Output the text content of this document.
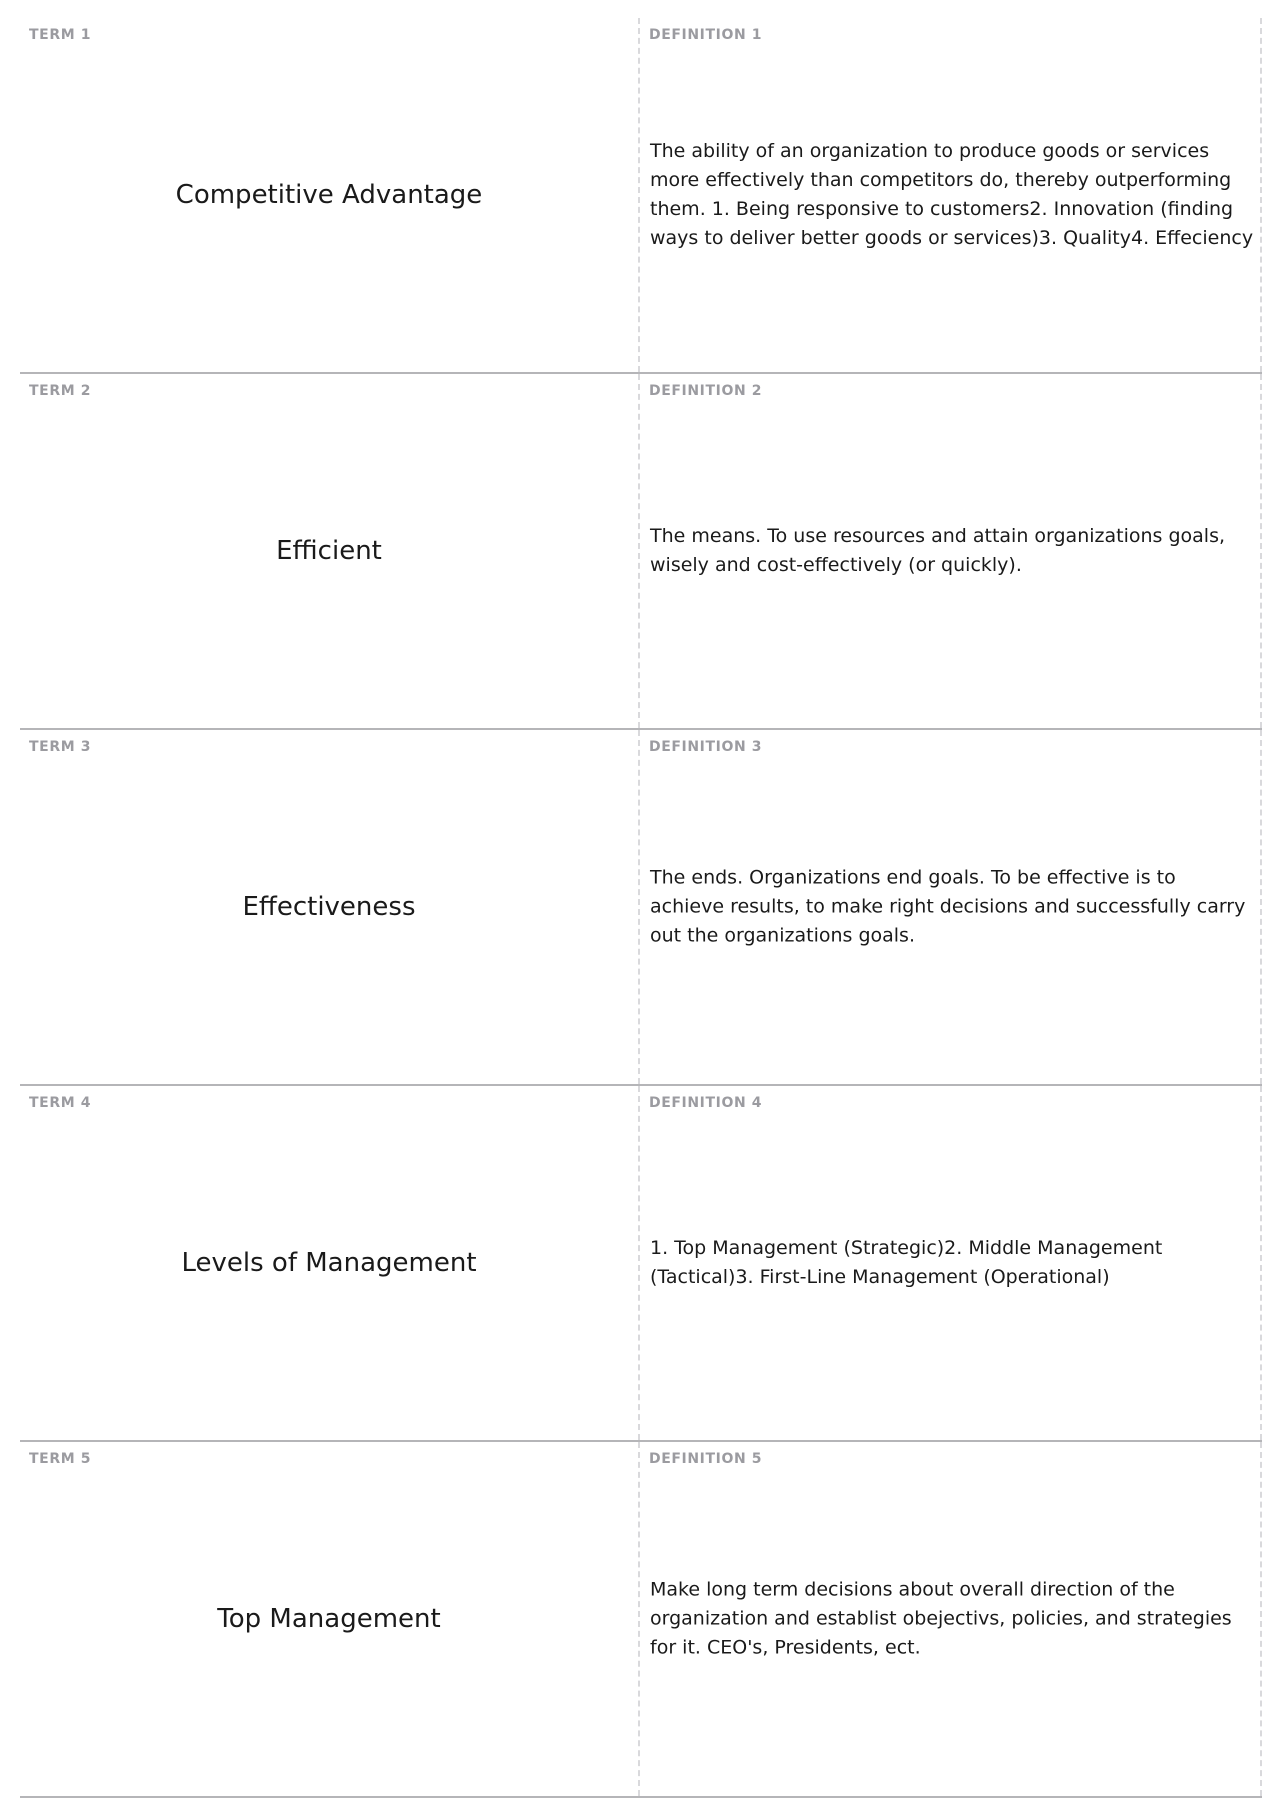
TERM 1
Competitive Advantage
DEFINITION 1
The ability of an organization to produce goods or services more effectively than competitors do, thereby outperforming them. 1. Being responsive to customers2. Innovation (finding ways to deliver better goods or services)3. Quality4. Effeciency
TERM 2
Efficient
DEFINITION 2
The means. To use resources and attain organizations goals, wisely and cost-effectively (or quickly).
TERM 3
Effectiveness
DEFINITION 3
The ends. Organizations end goals. To be effective is to achieve results, to make right decisions and successfully carry out the organizations goals.
TERM 4
Levels of Management
DEFINITION 4
1. Top Management (Strategic)2. Middle Management (Tactical)3. First-Line Management (Operational)
TERM 5
Top Management
DEFINITION 5
Make long term decisions about overall direction of the organization and establist obejectivs, policies, and strategies for it. CEO's, Presidents, ect.
